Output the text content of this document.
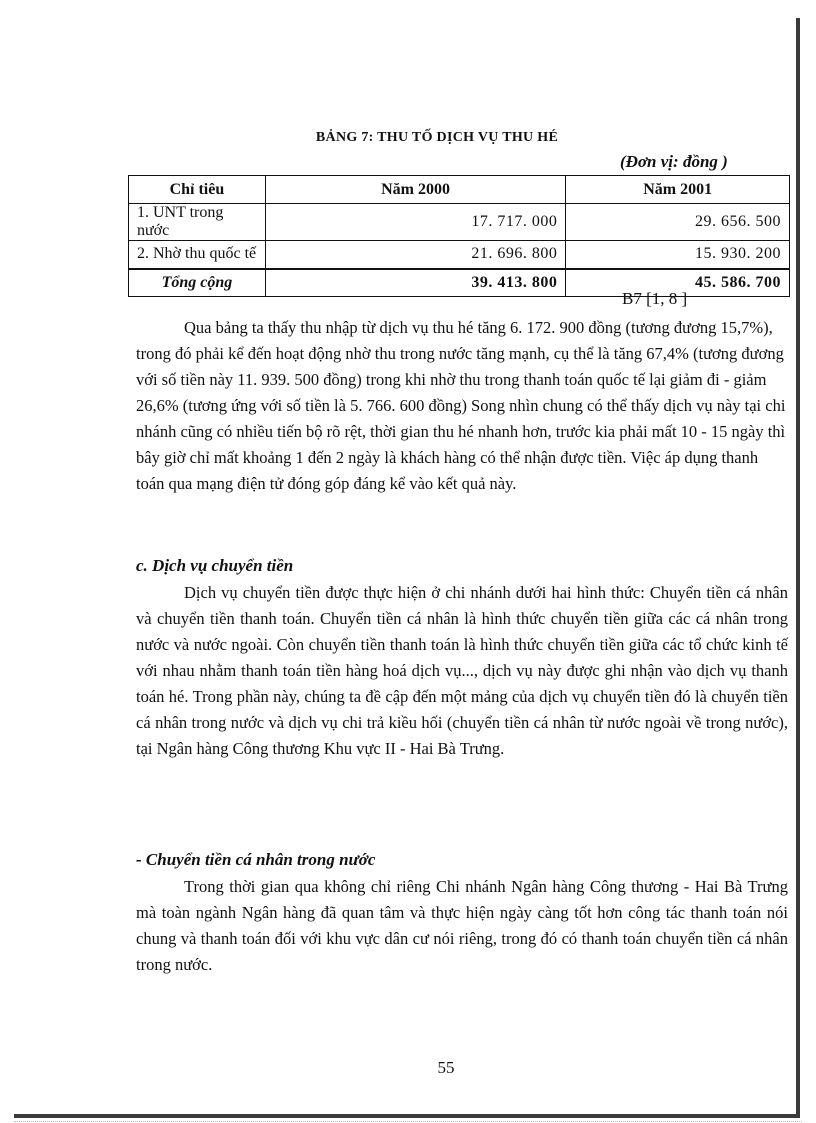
BẢNG 7: THU TỐ DỊCH VỤ THU HÉ
(Đơn vị: đồng )
Chỉ tiêu	Năm 2000	Năm 2001
1. UNT trong nước	17. 717. 000	29. 656. 500
2. Nhờ thu quốc tế	21. 696. 800	15. 930. 200
Tổng cộng	39. 413. 800	45. 586. 700
B7 [1, 8 ]

Qua bảng ta thấy thu nhập từ dịch vụ thu hé tăng 6. 172. 900 đồng (tương đương 15,7%), trong đó phải kể đến hoạt động nhờ thu trong nước tăng mạnh, cụ thể là tăng 67,4% (tương đương với số tiền này 11. 939. 500 đồng) trong khi nhờ thu trong thanh toán quốc tế lại giảm đi - giảm 26,6% (tương ứng với số tiền là 5. 766. 600 đồng) Song nhìn chung có thể thấy dịch vụ này tại chi nhánh cũng có nhiều tiến bộ rõ rệt, thời gian thu hé nhanh hơn, trước kia phải mất 10 - 15 ngày thì bây giờ chỉ mất khoảng 1 đến 2 ngày là khách hàng có thể nhận được tiền. Việc áp dụng thanh toán qua mạng điện tử đóng góp đáng kể vào kết quả này.

c. Dịch vụ chuyển tiền

Dịch vụ chuyển tiền được thực hiện ở chi nhánh dưới hai hình thức: Chuyển tiền cá nhân và chuyển tiền thanh toán. Chuyển tiền cá nhân là hình thức chuyển tiền giữa các cá nhân trong nước và nước ngoài. Còn chuyển tiền thanh toán là hình thức chuyển tiền giữa các tổ chức kinh tế với nhau nhằm thanh toán tiền hàng hoá dịch vụ..., dịch vụ này được ghi nhận vào dịch vụ thanh toán hé. Trong phần này, chúng ta đề cập đến một mảng của dịch vụ chuyển tiền đó là chuyển tiền cá nhân trong nước và dịch vụ chi trả kiều hối (chuyển tiền cá nhân từ nước ngoài về trong nước), tại Ngân hàng Công thương Khu vực II - Hai Bà Trưng.

- Chuyển tiền cá nhân trong nước

Trong thời gian qua không chỉ riêng Chi nhánh Ngân hàng Công thương - Hai Bà Trưng mà toàn ngành Ngân hàng đã quan tâm và thực hiện ngày càng tốt hơn công tác thanh toán nói chung và thanh toán đối với khu vực dân cư nói riêng, trong đó có thanh toán chuyển tiền cá nhân trong nước.

55
